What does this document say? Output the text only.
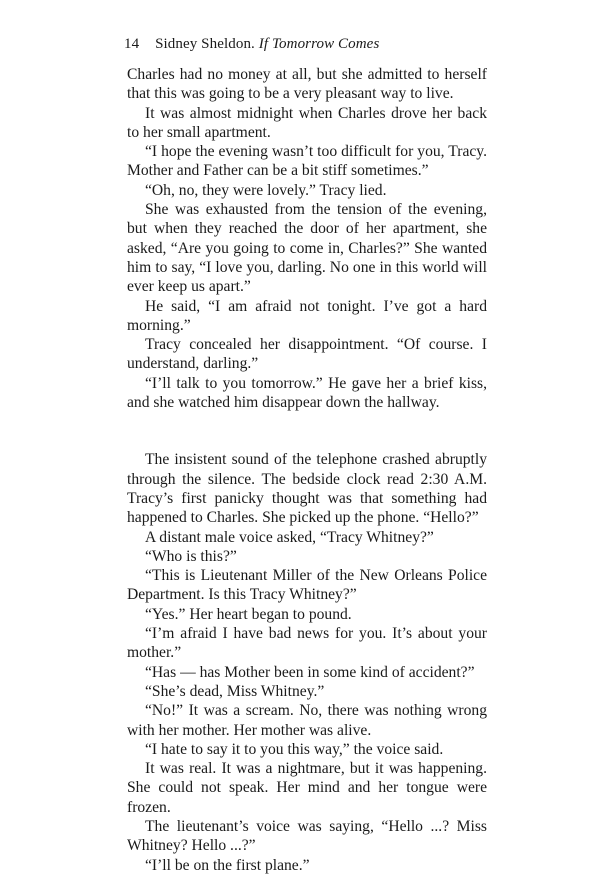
14 Sidney Sheldon. If Tomorrow Comes

Charles had no money at all, but she admitted to herself that this was going to be a very pleasant way to live.

It was almost midnight when Charles drove her back to her small apartment.

“I hope the evening wasn’t too difficult for you, Tracy. Mother and Father can be a bit stiff sometimes.”

“Oh, no, they were lovely.” Tracy lied.

She was exhausted from the tension of the evening, but when they reached the door of her apartment, she asked, “Are you going to come in, Charles?” She wanted him to say, “I love you, darling. No one in this world will ever keep us apart.”

He said, “I am afraid not tonight. I’ve got a hard morning.”

Tracy concealed her disappointment. “Of course. I understand, darling.”

“I’ll talk to you tomorrow.” He gave her a brief kiss, and she watched him disappear down the hallway.

The insistent sound of the telephone crashed abruptly through the silence. The bedside clock read 2:30 A.M. Tracy’s first panicky thought was that something had happened to Charles. She picked up the phone. “Hello?”

A distant male voice asked, “Tracy Whitney?”

“Who is this?”

“This is Lieutenant Miller of the New Orleans Police Department. Is this Tracy Whitney?”

“Yes.” Her heart began to pound.

“I’m afraid I have bad news for you. It’s about your mother.”

“Has — has Mother been in some kind of accident?”

“She’s dead, Miss Whitney.”

“No!” It was a scream. No, there was nothing wrong with her mother. Her mother was alive.

“I hate to say it to you this way,” the voice said.

It was real. It was a nightmare, but it was happening. She could not speak. Her mind and her tongue were frozen.

The lieutenant’s voice was saying, “Hello ...? Miss Whitney? Hello ...?”

“I’ll be on the first plane.”
